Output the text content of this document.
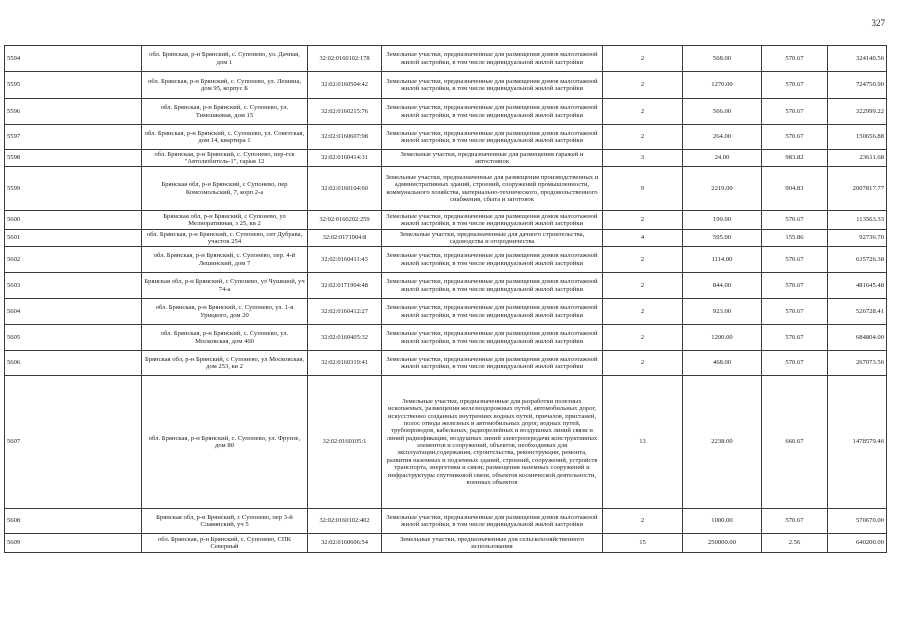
327
5594	обл. Брянская, р-н Брянский, с. Супонево, ул. Дачная, дом 1	32:02:0160102:178	Земельные участки, предназначенные для размещения домов малоэтажной жилой застройки, в том числе индивидуальной жилой застройки	2	568.00	570.67	324140.56
5595	обл. Брянская, р-н Брянский, с. Супонево, ул. Лешина, дом 95, корпус Б	32:02:0160504:42	Земельные участки, предназначенные для размещения домов малоэтажной жилой застройки, в том числе индивидуальной жилой застройки	2	1270.00	570.67	724750.90
5596	обл. Брянская, р-н Брянский, с. Супонево, ул. Тимошковая, дом 15	32:02:0160215:76	Земельные участки, предназначенные для размещения домов малоэтажной жилой застройки, в том числе индивидуальной жилой застройки	2	566.00	570.67	322999.22
5597	обл. Брянская, р-н Брянский, с. Супонево, ул. Советская, дом 14, квартира 1	32:02:0160607:98	Земельные участки, предназначенные для размещения домов малоэтажной жилой застройки, в том числе индивидуальной жилой застройки	2	264.00	570.67	150656.88
5598	обл. Брянская, р-н Брянский, с. Супонево, пер-гск "Автолюбитель-1", гараж 12	32:02:0160414:31	Земельные участки, предназначенные для размещения гаражей и автостоянок	3	24.00	983.82	23611.68
5599	Брянская обл, р-н Брянский, с Супонево, пер Комсомольский, 7, корп 2-а	32:02:0160104:60	Земельные участки, предназначенные для размещения производственных и административных зданий, строений, сооружений промышленности, коммунального хозяйства, материально-технического, продовольственного снабжения, сбыта и заготовок	9	2219.00	904.83	2007817.77
5600	Брянская обл, р-н Брянский, с Супонево, ул Мелиоративная, з 25, кв 2	32:02:0160202:259	Земельные участки, предназначенные для размещения домов малоэтажной жилой застройки, в том числе индивидуальной жилой застройки	2	199.00	570.67	113563.33
5601	обл. Брянская, р-н Брянский, с. Супонево, снт Дубрава, участок 254	32:02:0171904:8	Земельные участки, предназначенные для дачного строительства, садоводства и огородничества	4	595.00	155.86	92736.70
5602	обл. Брянская, р-н Брянский, с. Супонево, пер. 4-й Лешинский, дом 7	32:02:0160411:43	Земельные участки, предназначенные для размещения домов малоэтажной жилой застройки, в том числе индивидуальной жилой застройки	2	1114.00	570.67	635726.38
5603	Брянская обл, р-н Брянский, с Супонево, ул Чушкиой, уч 74-а	32:02:0171904:48	Земельные участки, предназначенные для размещения домов малоэтажной жилой застройки, в том числе индивидуальной жилой застройки	2	844.00	570.67	481645.48
5604	обл. Брянская, р-н Брянский, с. Супонево, ул. 1-я Урицкого, дом 20	32:02:0160412:27	Земельные участки, предназначенные для размещения домов малоэтажной жилой застройки, в том числе индивидуальной жилой застройки	2	923.00	570.67	526728.41
5605	обл. Брянская, р-н Брянский, с. Супонево, ул. Московская, дом 460	32:02:0160405:32	Земельные участки, предназначенные для размещения домов малоэтажной жилой застройки, в том числе индивидуальной жилой застройки	2	1200.00	570.67	684804.00
5606	Брянская обл, р-н Брянский, с Супонево, ул Московская, дом 253, кв 2	32:02:0160310:41	Земельные участки, предназначенные для размещения домов малоэтажной жилой застройки, в том числе индивидуальной жилой застройки	2	468.00	570.67	267073.56
5607	обл. Брянская, р-н Брянский, с. Супонево, ул. Фрунзе, дом 80	32:02:0160105:1	Земельные участки, предназначенные для разработки полезных ископаемых, размещения железнодорожных путей, автомобильных дорог, искусственно созданных внутренних водных путей, причалов, пристаней, полос отвода железных и автомобильных дорог, водных путей, трубопроводов, кабельных, радиорелейных и воздушных линий связи и линий радиофикации, воздушных линий электропередачи конструктивных элементов и сооружений, объектов, необходимых для эксплуатации,содержания, строительства, реконструкции, ремонта, развития наземных и подземных зданий, строений, сооружений, устройств транспорта, энергетики и связи; размещения наземных сооружений и инфраструктуры спутниковой связи, объектов космической деятельности, военных объектов	13	2238.00	660.67	1478579.46
5608	Брянская обл, р-н Брянский, с Супонево, пер 3-й Славянский, уч 5	32:02:0160102:402	Земельные участки, предназначенные для размещения домов малоэтажной жилой застройки, в том числе индивидуальной жилой застройки	2	1000.00	570.67	570670.00
5609	обл. Брянская, р-н Брянский, с. Супонево, СПК Северный	32:02:0160606:54	Земельные участки, предназначенные для сельскохозяйственного использования	15	250000.00	2.56	640200.00
